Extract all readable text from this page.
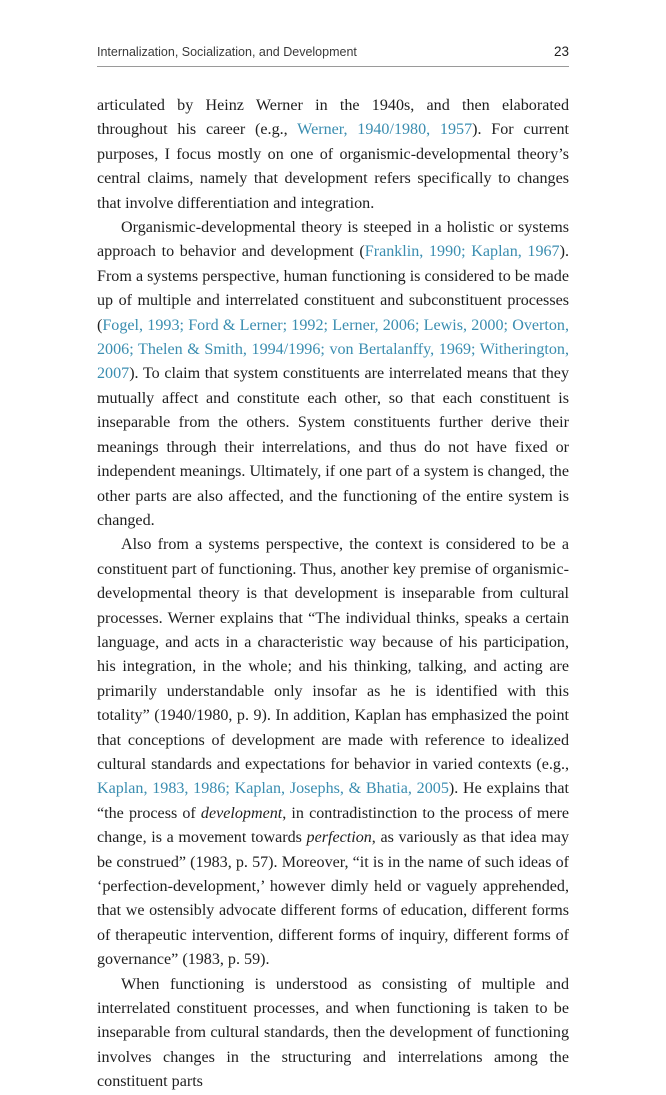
Internalization, Socialization, and Development	23

articulated by Heinz Werner in the 1940s, and then elaborated throughout his career (e.g., Werner, 1940/1980, 1957). For current purposes, I focus mostly on one of organismic-developmental theory’s central claims, namely that development refers specifically to changes that involve differentiation and integration.

Organismic-developmental theory is steeped in a holistic or systems approach to behavior and development (Franklin, 1990; Kaplan, 1967). From a systems perspective, human functioning is considered to be made up of multiple and interrelated constituent and subconstituent processes (Fogel, 1993; Ford & Lerner; 1992; Lerner, 2006; Lewis, 2000; Overton, 2006; Thelen & Smith, 1994/1996; von Bertalanffy, 1969; Witherington, 2007). To claim that system constituents are interrelated means that they mutually affect and constitute each other, so that each constituent is inseparable from the others. System constituents further derive their meanings through their interrelations, and thus do not have fixed or independent meanings. Ultimately, if one part of a system is changed, the other parts are also affected, and the functioning of the entire system is changed.

Also from a systems perspective, the context is considered to be a constituent part of functioning. Thus, another key premise of organismic-developmental theory is that development is inseparable from cultural processes. Werner explains that “The individual thinks, speaks a certain language, and acts in a characteristic way because of his participation, his integration, in the whole; and his thinking, talking, and acting are primarily understandable only insofar as he is identified with this totality” (1940/1980, p. 9). In addition, Kaplan has emphasized the point that conceptions of development are made with reference to idealized cultural standards and expectations for behavior in varied contexts (e.g., Kaplan, 1983, 1986; Kaplan, Josephs, & Bhatia, 2005). He explains that “the process of development, in contradistinction to the process of mere change, is a movement towards perfection, as variously as that idea may be construed” (1983, p. 57). Moreover, “it is in the name of such ideas of ‘perfection-development,’ however dimly held or vaguely apprehended, that we ostensibly advocate different forms of education, different forms of therapeutic intervention, different forms of inquiry, different forms of governance” (1983, p. 59).

When functioning is understood as consisting of multiple and interrelated constituent processes, and when functioning is taken to be inseparable from cultural standards, then the development of functioning involves changes in the structuring and interrelations among the constituent parts
